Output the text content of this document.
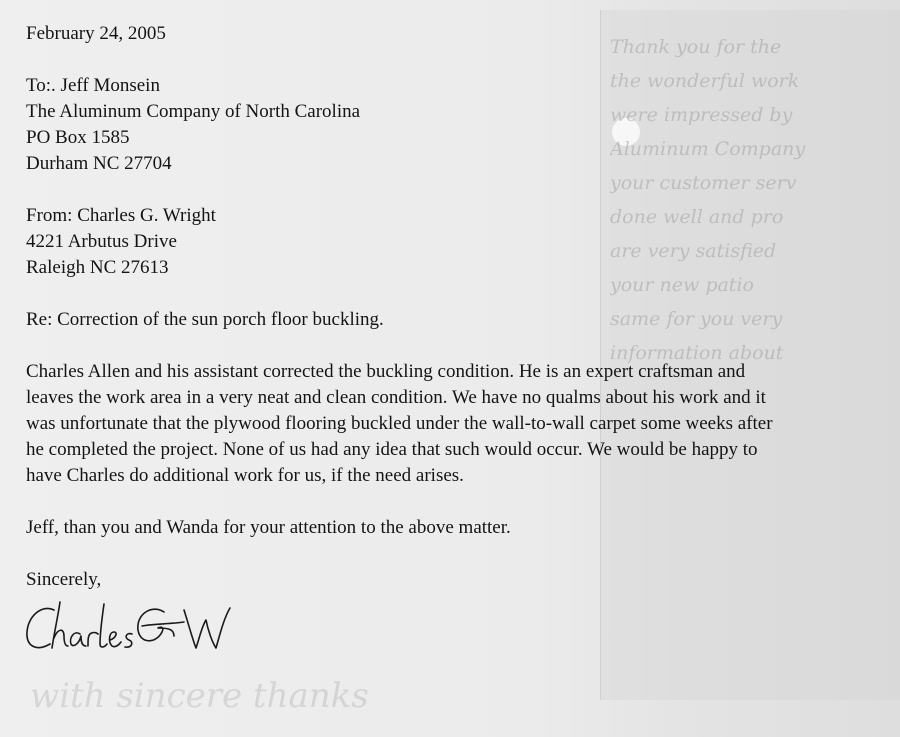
Thank you for the
the wonderful work
were impressed by
Aluminum Company
your customer serv
done well and pro
are very satisfied
your new patio
same for you very
information about
with sincere thanks
February 24, 2005
To:. Jeff Monsein
The Aluminum Company of North Carolina
PO Box 1585
Durham NC 27704
From: Charles G. Wright
4221 Arbutus Drive
Raleigh NC 27613
Re: Correction of the sun porch floor buckling.
Charles Allen and his assistant corrected the buckling condition. He is an expert craftsman and
leaves the work area in a very neat and clean condition. We have no qualms about his work and it
was unfortunate that the plywood flooring buckled under the wall-to-wall carpet some weeks after
he completed the project. None of us had any idea that such would occur. We would be happy to
have Charles do additional work for us, if the need arises.
Jeff, than you and Wanda for your attention to the above matter.
Sincerely,
